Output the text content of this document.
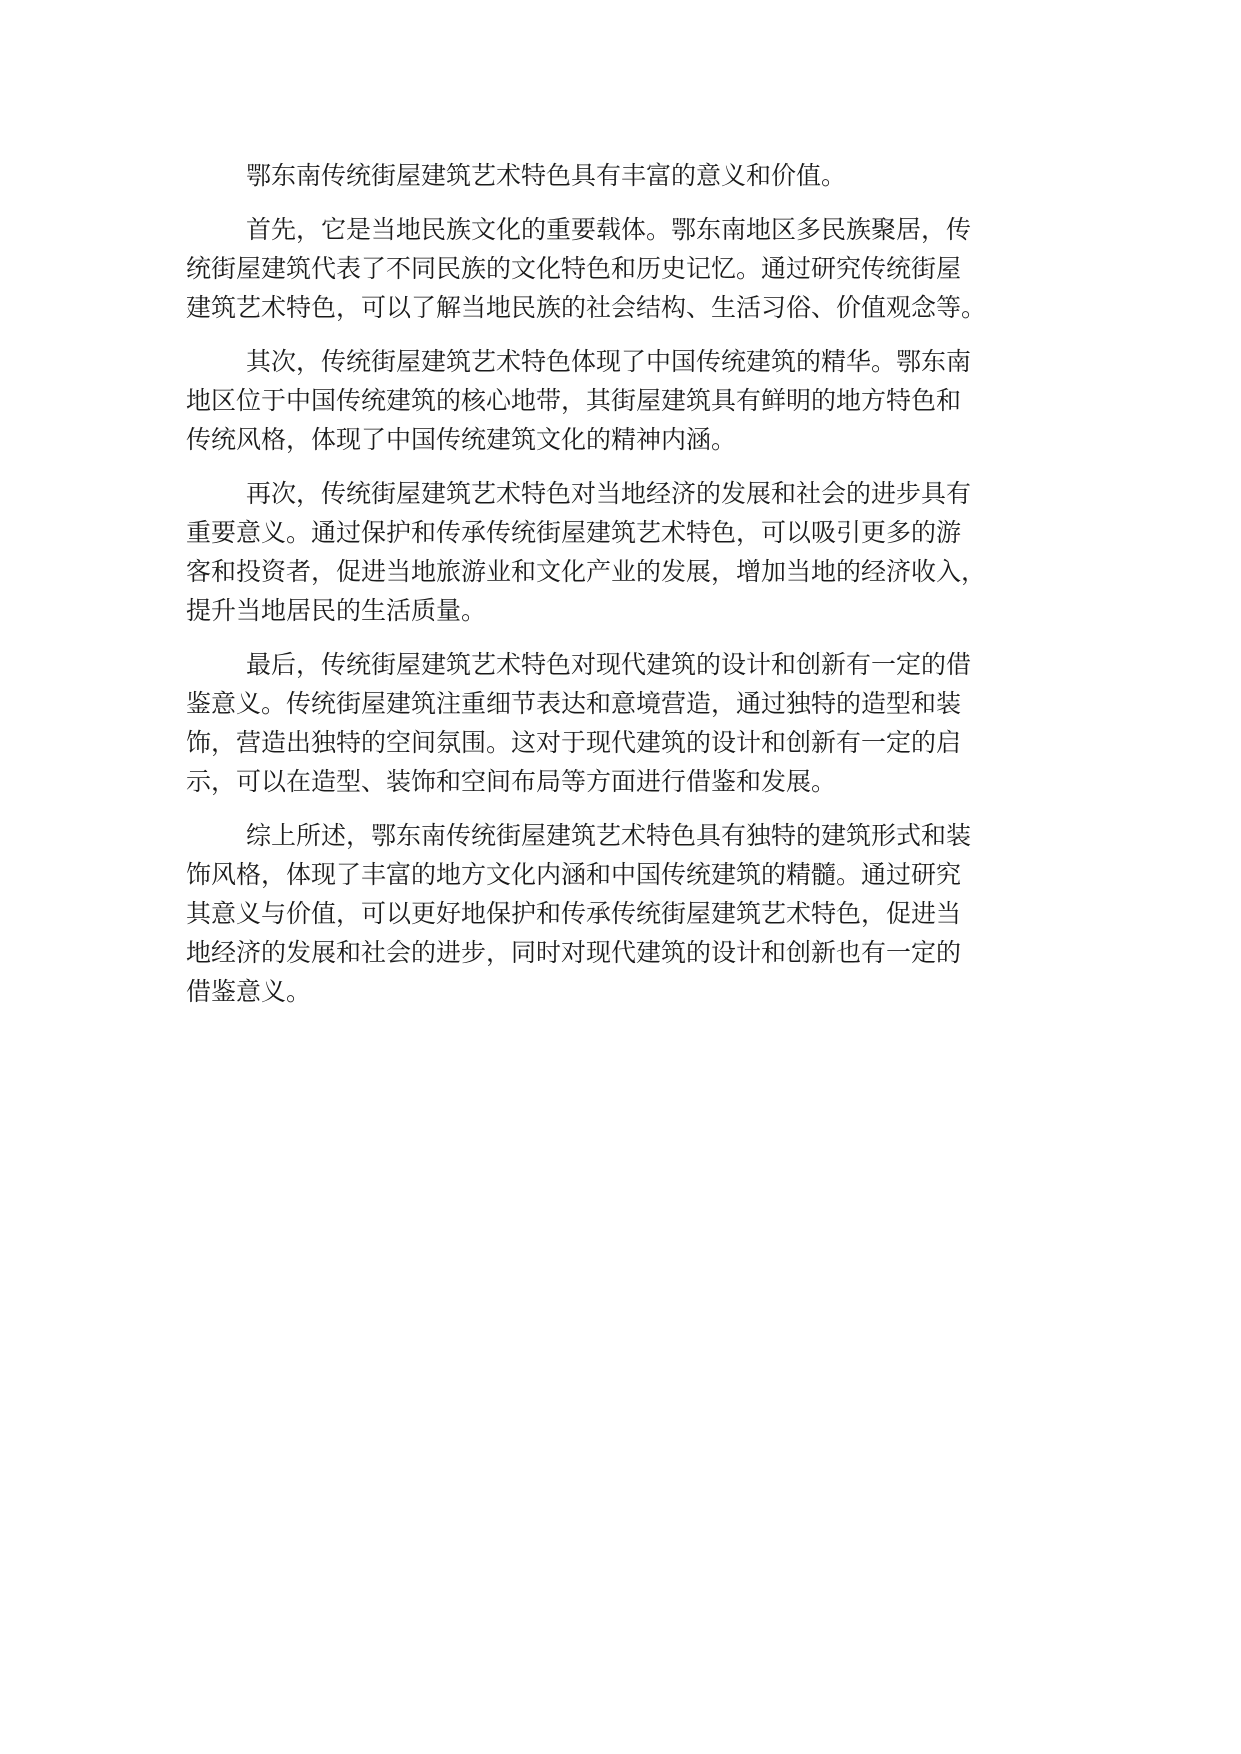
鄂东南传统街屋建筑艺术特色具有丰富的意义和价值。

首先，它是当地民族文化的重要载体。鄂东南地区多民族聚居，传
统街屋建筑代表了不同民族的文化特色和历史记忆。通过研究传统街屋
建筑艺术特色，可以了解当地民族的社会结构、生活习俗、价值观念等。

其次，传统街屋建筑艺术特色体现了中国传统建筑的精华。鄂东南
地区位于中国传统建筑的核心地带，其街屋建筑具有鲜明的地方特色和
传统风格，体现了中国传统建筑文化的精神内涵。

再次，传统街屋建筑艺术特色对当地经济的发展和社会的进步具有
重要意义。通过保护和传承传统街屋建筑艺术特色，可以吸引更多的游
客和投资者，促进当地旅游业和文化产业的发展，增加当地的经济收入，
提升当地居民的生活质量。

最后，传统街屋建筑艺术特色对现代建筑的设计和创新有一定的借
鉴意义。传统街屋建筑注重细节表达和意境营造，通过独特的造型和装
饰，营造出独特的空间氛围。这对于现代建筑的设计和创新有一定的启
示，可以在造型、装饰和空间布局等方面进行借鉴和发展。

综上所述，鄂东南传统街屋建筑艺术特色具有独特的建筑形式和装
饰风格，体现了丰富的地方文化内涵和中国传统建筑的精髓。通过研究
其意义与价值，可以更好地保护和传承传统街屋建筑艺术特色，促进当
地经济的发展和社会的进步，同时对现代建筑的设计和创新也有一定的
借鉴意义。
